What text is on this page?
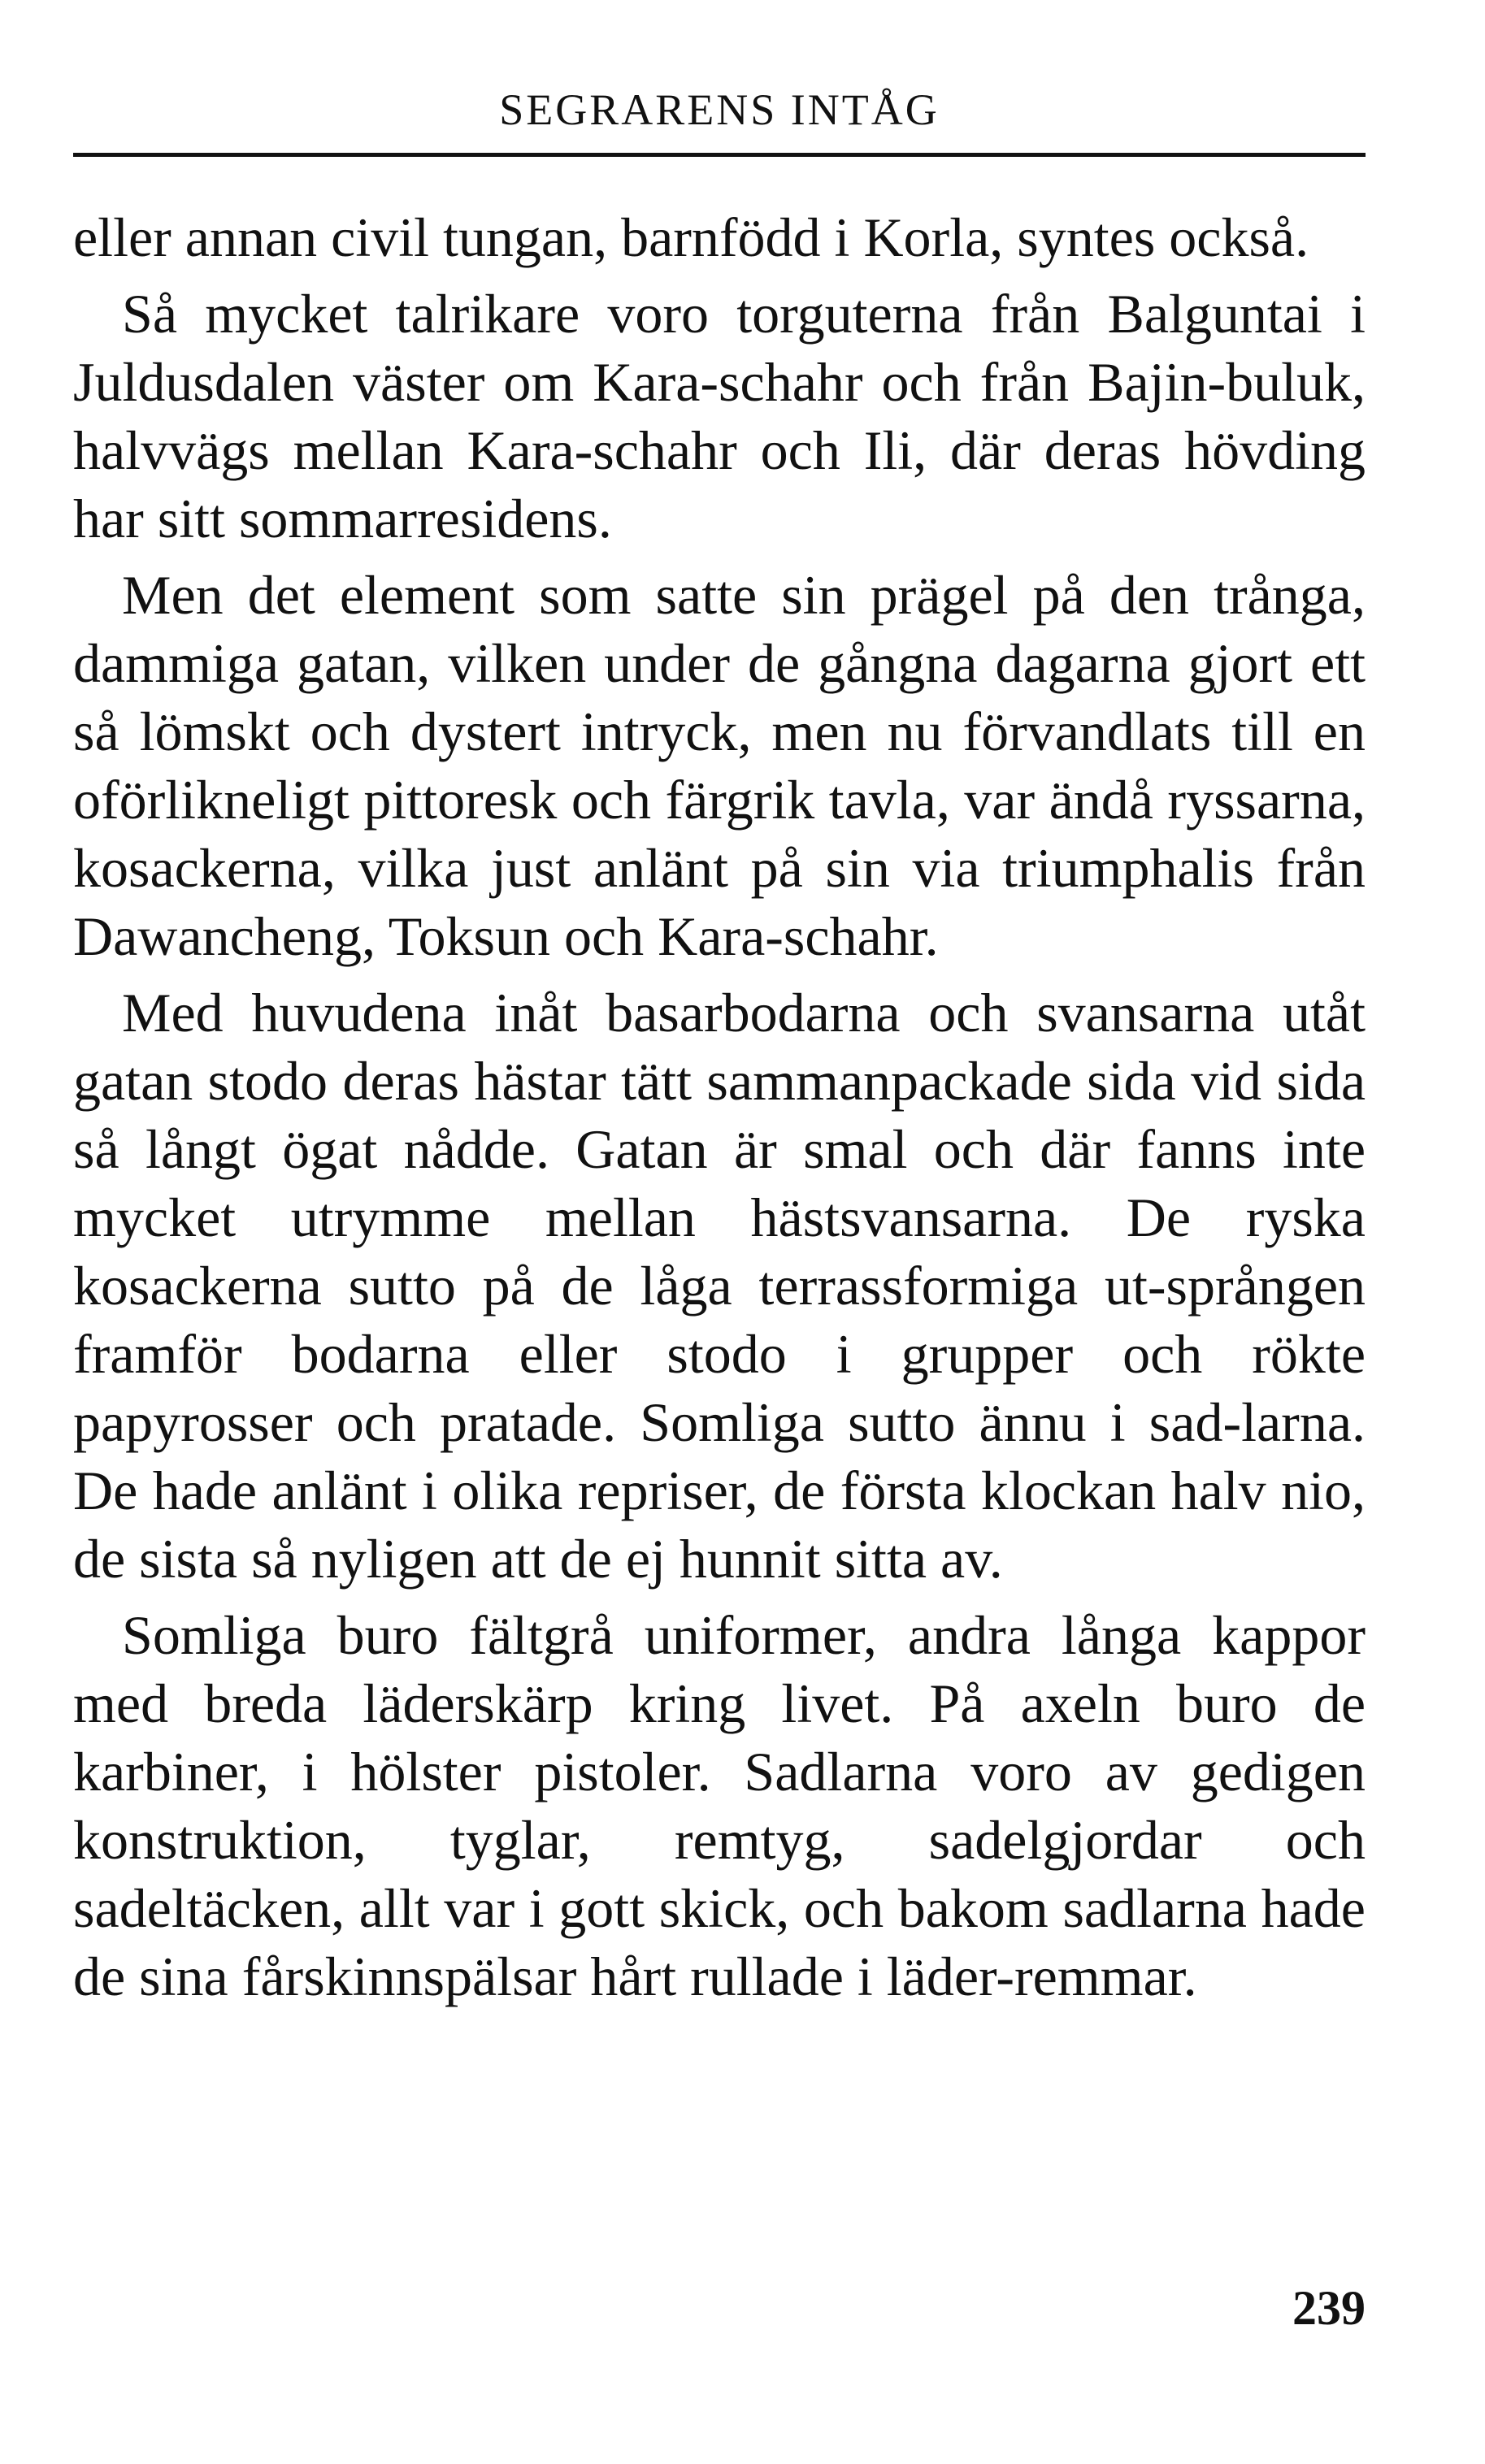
SEGRARENS INTÅG

eller annan civil tungan, barnfödd i Korla, syntes också.

Så mycket talrikare voro torguterna från Balguntai i Juldusdalen väster om Kara-schahr och från Bajin-buluk, halvvägs mellan Kara-schahr och Ili, där deras hövding har sitt sommarresidens.

Men det element som satte sin prägel på den trånga, dammiga gatan, vilken under de gångna dagarna gjort ett så lömskt och dystert intryck, men nu förvandlats till en oförlikneligt pittoresk och färgrik tavla, var ändå ryssarna, kosackerna, vilka just anlänt på sin via triumphalis från Dawancheng, Toksun och Kara-schahr.

Med huvudena inåt basarbodarna och svansarna utåt gatan stodo deras hästar tätt sammanpackade sida vid sida så långt ögat nådde. Gatan är smal och där fanns inte mycket utrymme mellan hästsvansarna. De ryska kosackerna sutto på de låga terrassformiga ut-sprången framför bodarna eller stodo i grupper och rökte papyrosser och pratade. Somliga sutto ännu i sad-larna. De hade anlänt i olika repriser, de första klockan halv nio, de sista så nyligen att de ej hunnit sitta av.

Somliga buro fältgrå uniformer, andra långa kappor med breda läderskärp kring livet. På axeln buro de karbiner, i hölster pistoler. Sadlarna voro av gedigen konstruktion, tyglar, remtyg, sadelgjordar och sadeltäcken, allt var i gott skick, och bakom sadlarna hade de sina fårskinnspälsar hårt rullade i läder-remmar.

239
